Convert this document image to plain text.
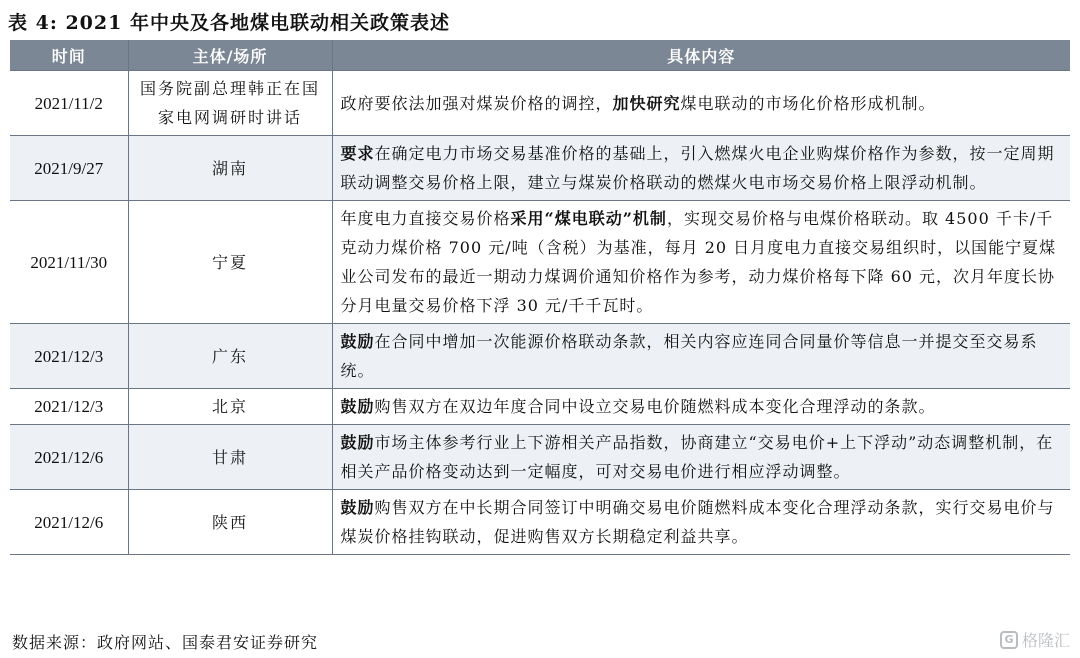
表 4: 2021 年中央及各地煤电联动相关政策表述
时间	主体/场所	具体内容
2021/11/2	国务院副总理韩正在国家电网调研时讲话	政府要依法加强对煤炭价格的调控，加快研究煤电联动的市场化价格形成机制。
2021/9/27	湖南	要求在确定电力市场交易基准价格的基础上，引入燃煤火电企业购煤价格作为参数，按一定周期联动调整交易价格上限，建立与煤炭价格联动的燃煤火电市场交易价格上限浮动机制。
2021/11/30	宁夏	年度电力直接交易价格采用“煤电联动”机制，实现交易价格与电煤价格联动。取 4500 千卡/千克动力煤价格 700 元/吨（含税）为基准，每月 20 日月度电力直接交易组织时，以国能宁夏煤业公司发布的最近一期动力煤调价通知价格作为参考，动力煤价格每下降 60 元，次月年度长协分月电量交易价格下浮 30 元/千千瓦时。
2021/12/3	广东	鼓励在合同中增加一次能源价格联动条款，相关内容应连同合同量价等信息一并提交至交易系统。
2021/12/3	北京	鼓励购售双方在双边年度合同中设立交易电价随燃料成本变化合理浮动的条款。
2021/12/6	甘肃	鼓励市场主体参考行业上下游相关产品指数，协商建立“交易电价+上下浮动”动态调整机制，在相关产品价格变动达到一定幅度，可对交易电价进行相应浮动调整。
2021/12/6	陕西	鼓励购售双方在中长期合同签订中明确交易电价随燃料成本变化合理浮动条款，实行交易电价与煤炭价格挂钩联动，促进购售双方长期稳定利益共享。
数据来源：政府网站、国泰君安证券研究	G 格隆汇
